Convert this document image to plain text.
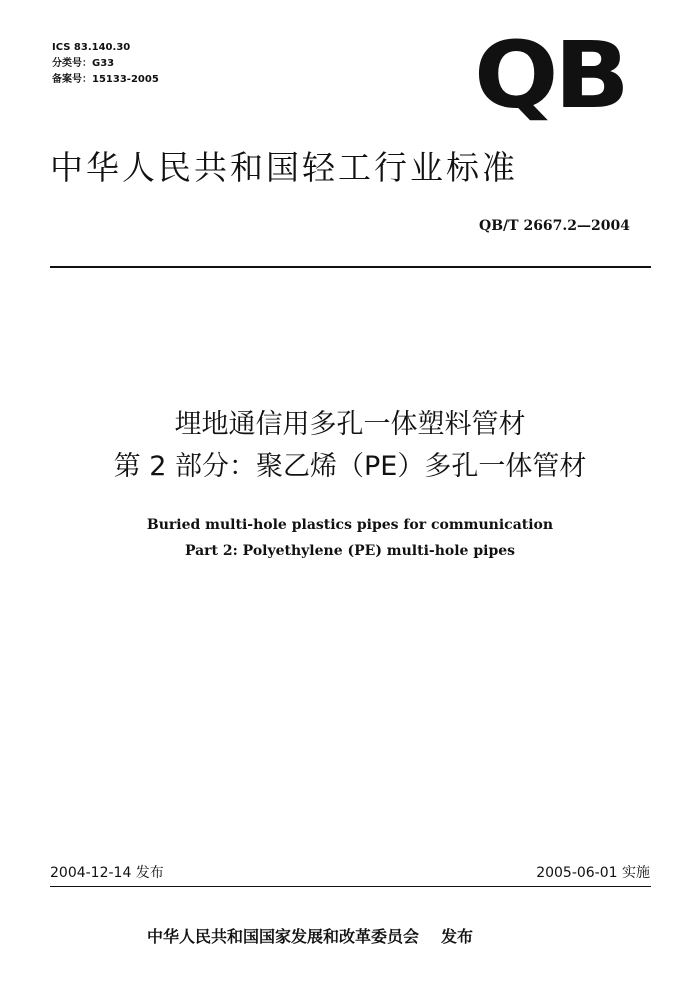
ICS 83.140.30
分类号：G33
备案号：15133-2005	QB
中华人民共和国轻工行业标准
QB/T 2667.2—2004
埋地通信用多孔一体塑料管材
第 2 部分：聚乙烯（PE）多孔一体管材
Buried multi-hole plastics pipes for communication
Part 2: Polyethylene (PE) multi-hole pipes
2004-12-14 发布	2005-06-01 实施
中华人民共和国国家发展和改革委员会 发布
